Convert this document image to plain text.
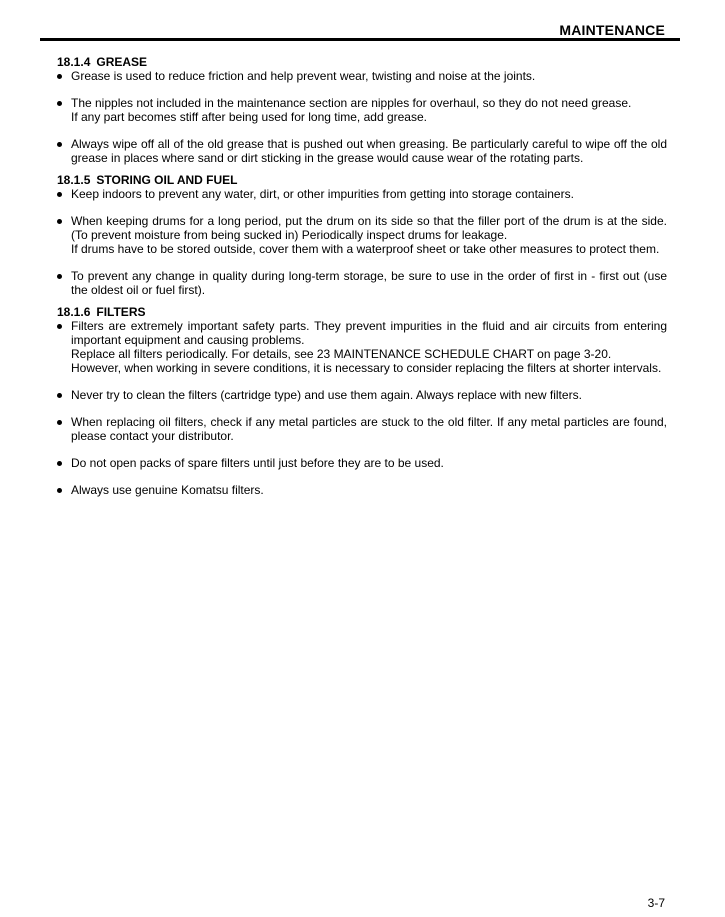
MAINTENANCE
18.1.4 GREASE
Grease is used to reduce friction and help prevent wear, twisting and noise at the joints.
The nipples not included in the maintenance section are nipples for overhaul, so they do not need grease.
If any part becomes stiff after being used for long time, add grease.
Always wipe off all of the old grease that is pushed out when greasing. Be particularly careful to wipe off the old grease in places where sand or dirt sticking in the grease would cause wear of the rotating parts.
18.1.5 STORING OIL AND FUEL
Keep indoors to prevent any water, dirt, or other impurities from getting into storage containers.
When keeping drums for a long period, put the drum on its side so that the filler port of the drum is at the side. (To prevent moisture from being sucked in) Periodically inspect drums for leakage.
If drums have to be stored outside, cover them with a waterproof sheet or take other measures to protect them.
To prevent any change in quality during long-term storage, be sure to use in the order of first in - first out (use the oldest oil or fuel first).
18.1.6 FILTERS
Filters are extremely important safety parts. They prevent impurities in the fluid and air circuits from entering important equipment and causing problems.
Replace all filters periodically. For details, see 23 MAINTENANCE SCHEDULE CHART on page 3-20.
However, when working in severe conditions, it is necessary to consider replacing the filters at shorter intervals.
Never try to clean the filters (cartridge type) and use them again. Always replace with new filters.
When replacing oil filters, check if any metal particles are stuck to the old filter. If any metal particles are found, please contact your distributor.
Do not open packs of spare filters until just before they are to be used.
Always use genuine Komatsu filters.
3-7
